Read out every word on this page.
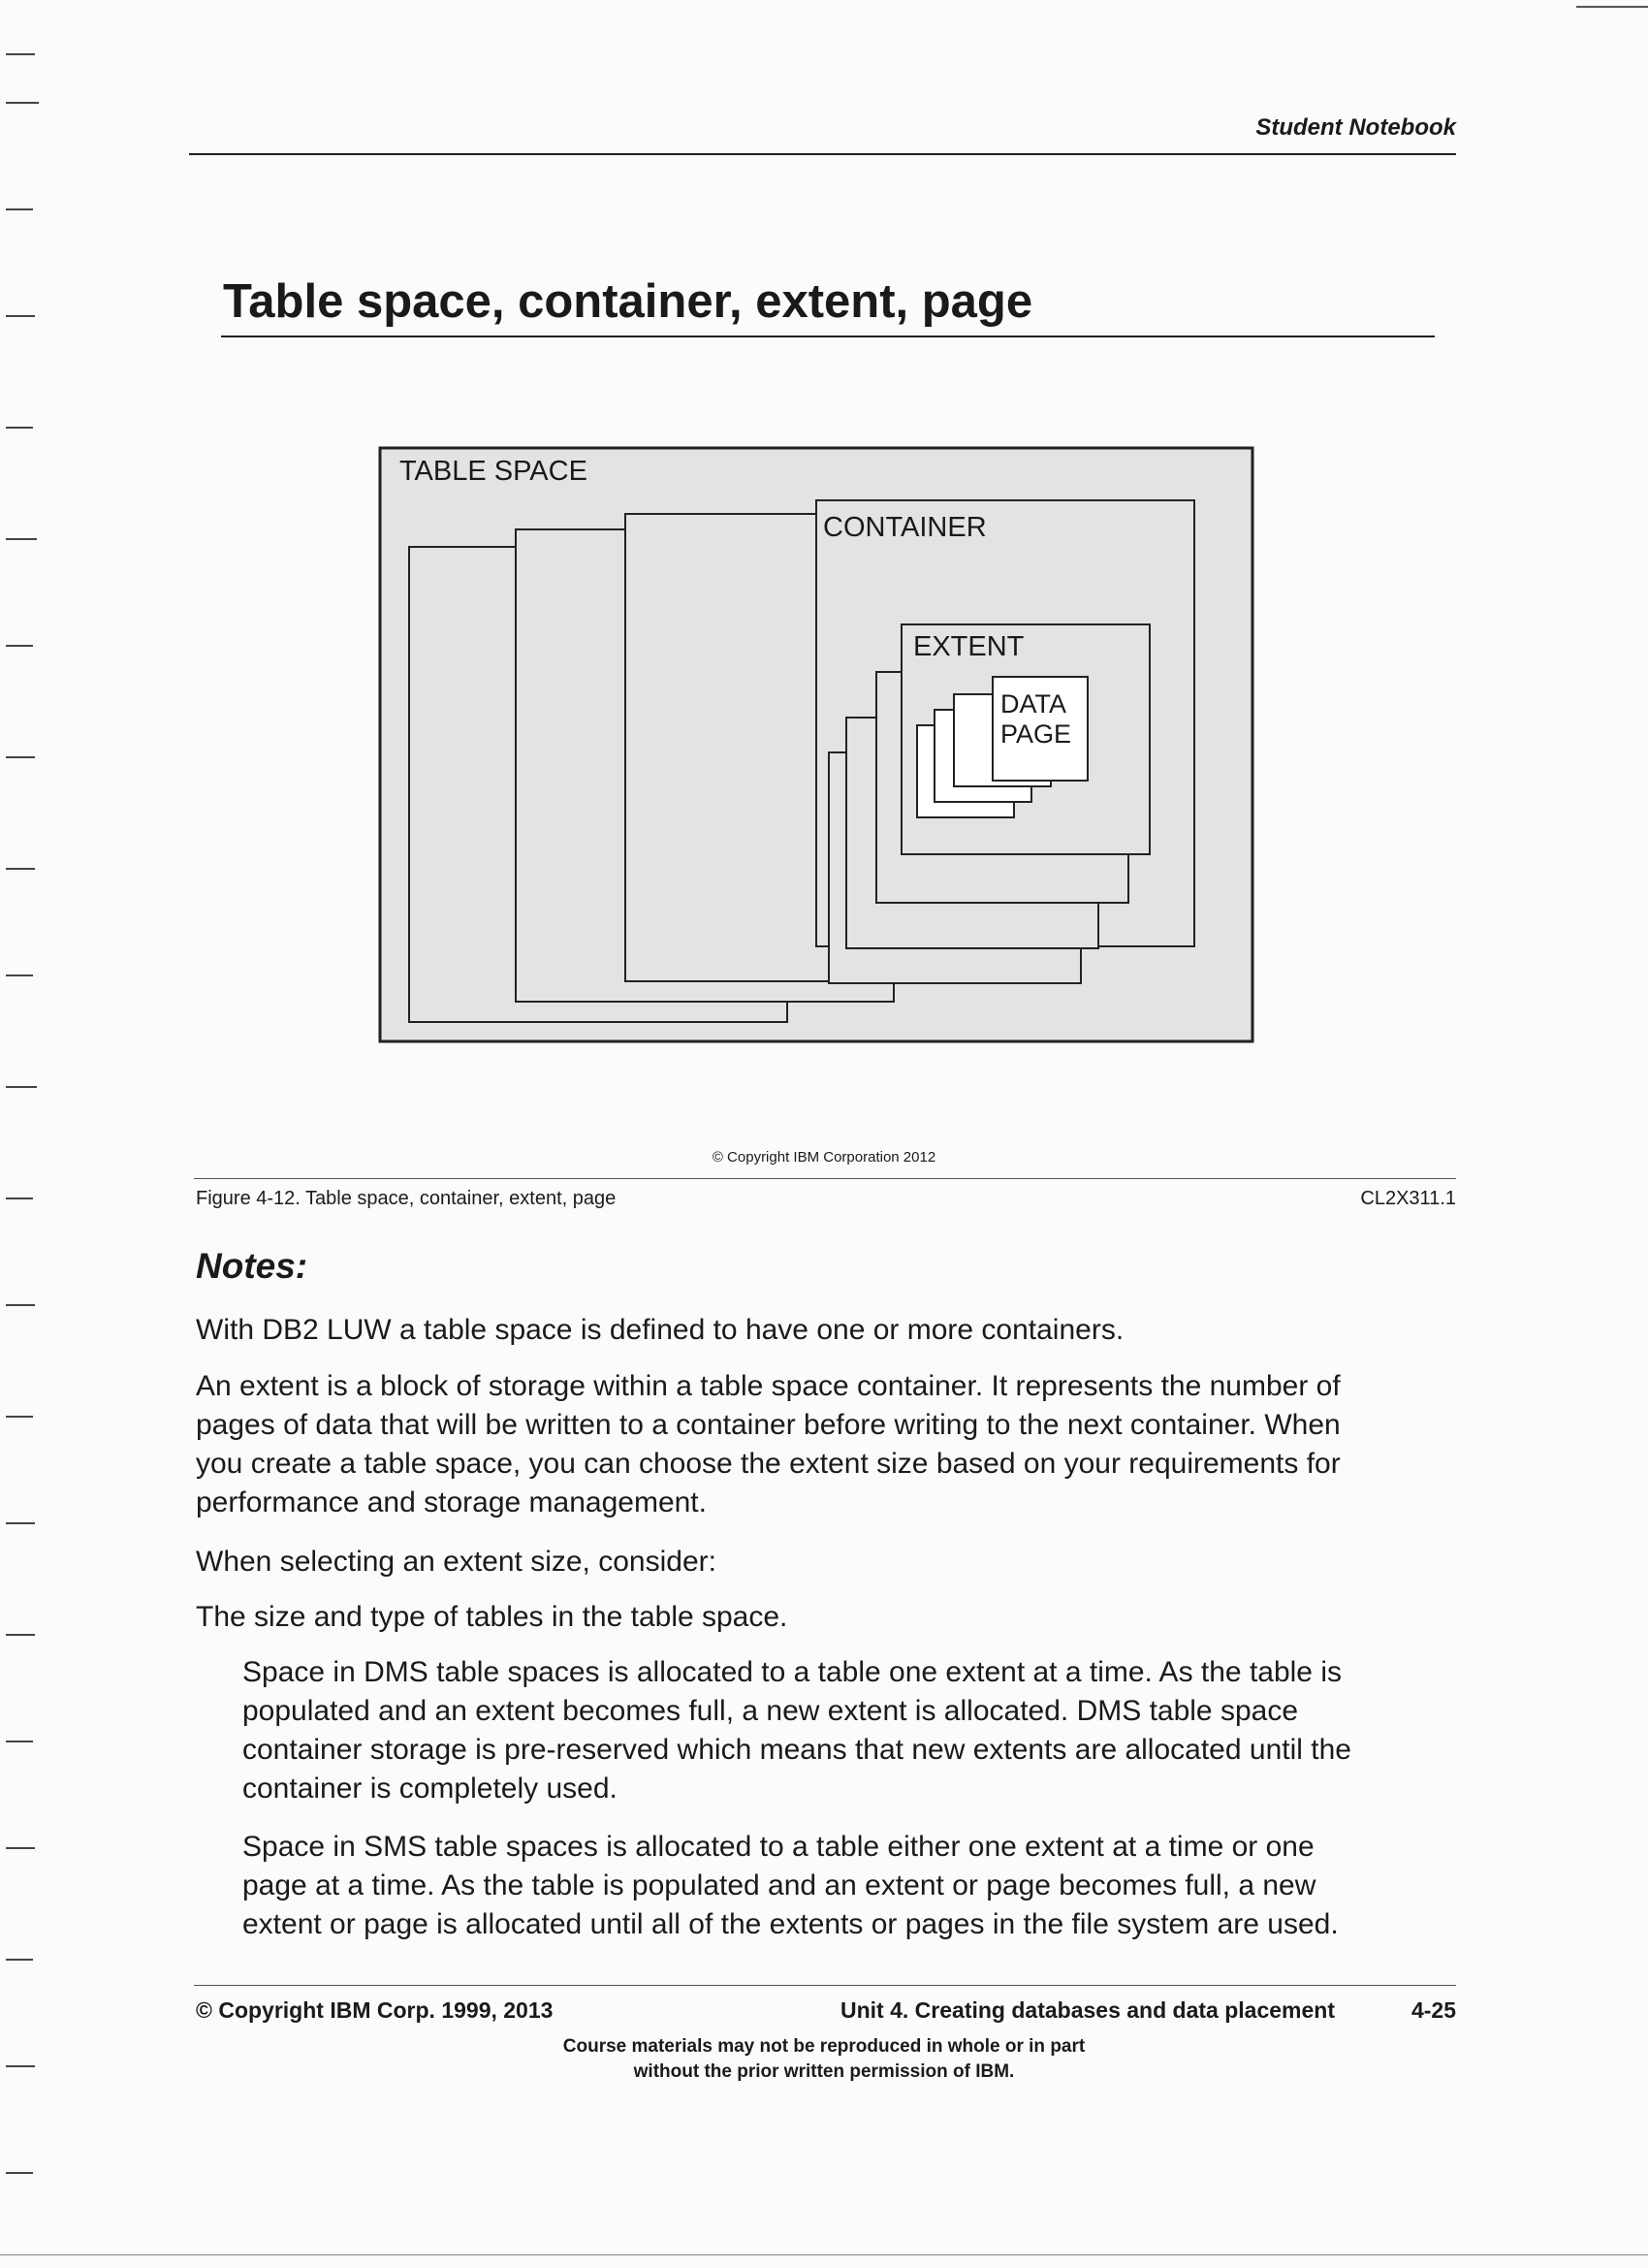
Student Notebook
Table space, container, extent, page
TABLE SPACE
CONTAINER
EXTENT
DATA
PAGE
© Copyright IBM Corporation 2012
Figure 4-12. Table space, container, extent, page	CL2X311.1
Notes:
With DB2 LUW a table space is defined to have one or more containers.
An extent is a block of storage within a table space container. It represents the number of
pages of data that will be written to a container before writing to the next container. When
you create a table space, you can choose the extent size based on your requirements for
performance and storage management.
When selecting an extent size, consider:
The size and type of tables in the table space.
Space in DMS table spaces is allocated to a table one extent at a time. As the table is
populated and an extent becomes full, a new extent is allocated. DMS table space
container storage is pre-reserved which means that new extents are allocated until the
container is completely used.
Space in SMS table spaces is allocated to a table either one extent at a time or one
page at a time. As the table is populated and an extent or page becomes full, a new
extent or page is allocated until all of the extents or pages in the file system are used.
© Copyright IBM Corp. 1999, 2013	Unit 4. Creating databases and data placement	4-25
Course materials may not be reproduced in whole or in part
without the prior written permission of IBM.
